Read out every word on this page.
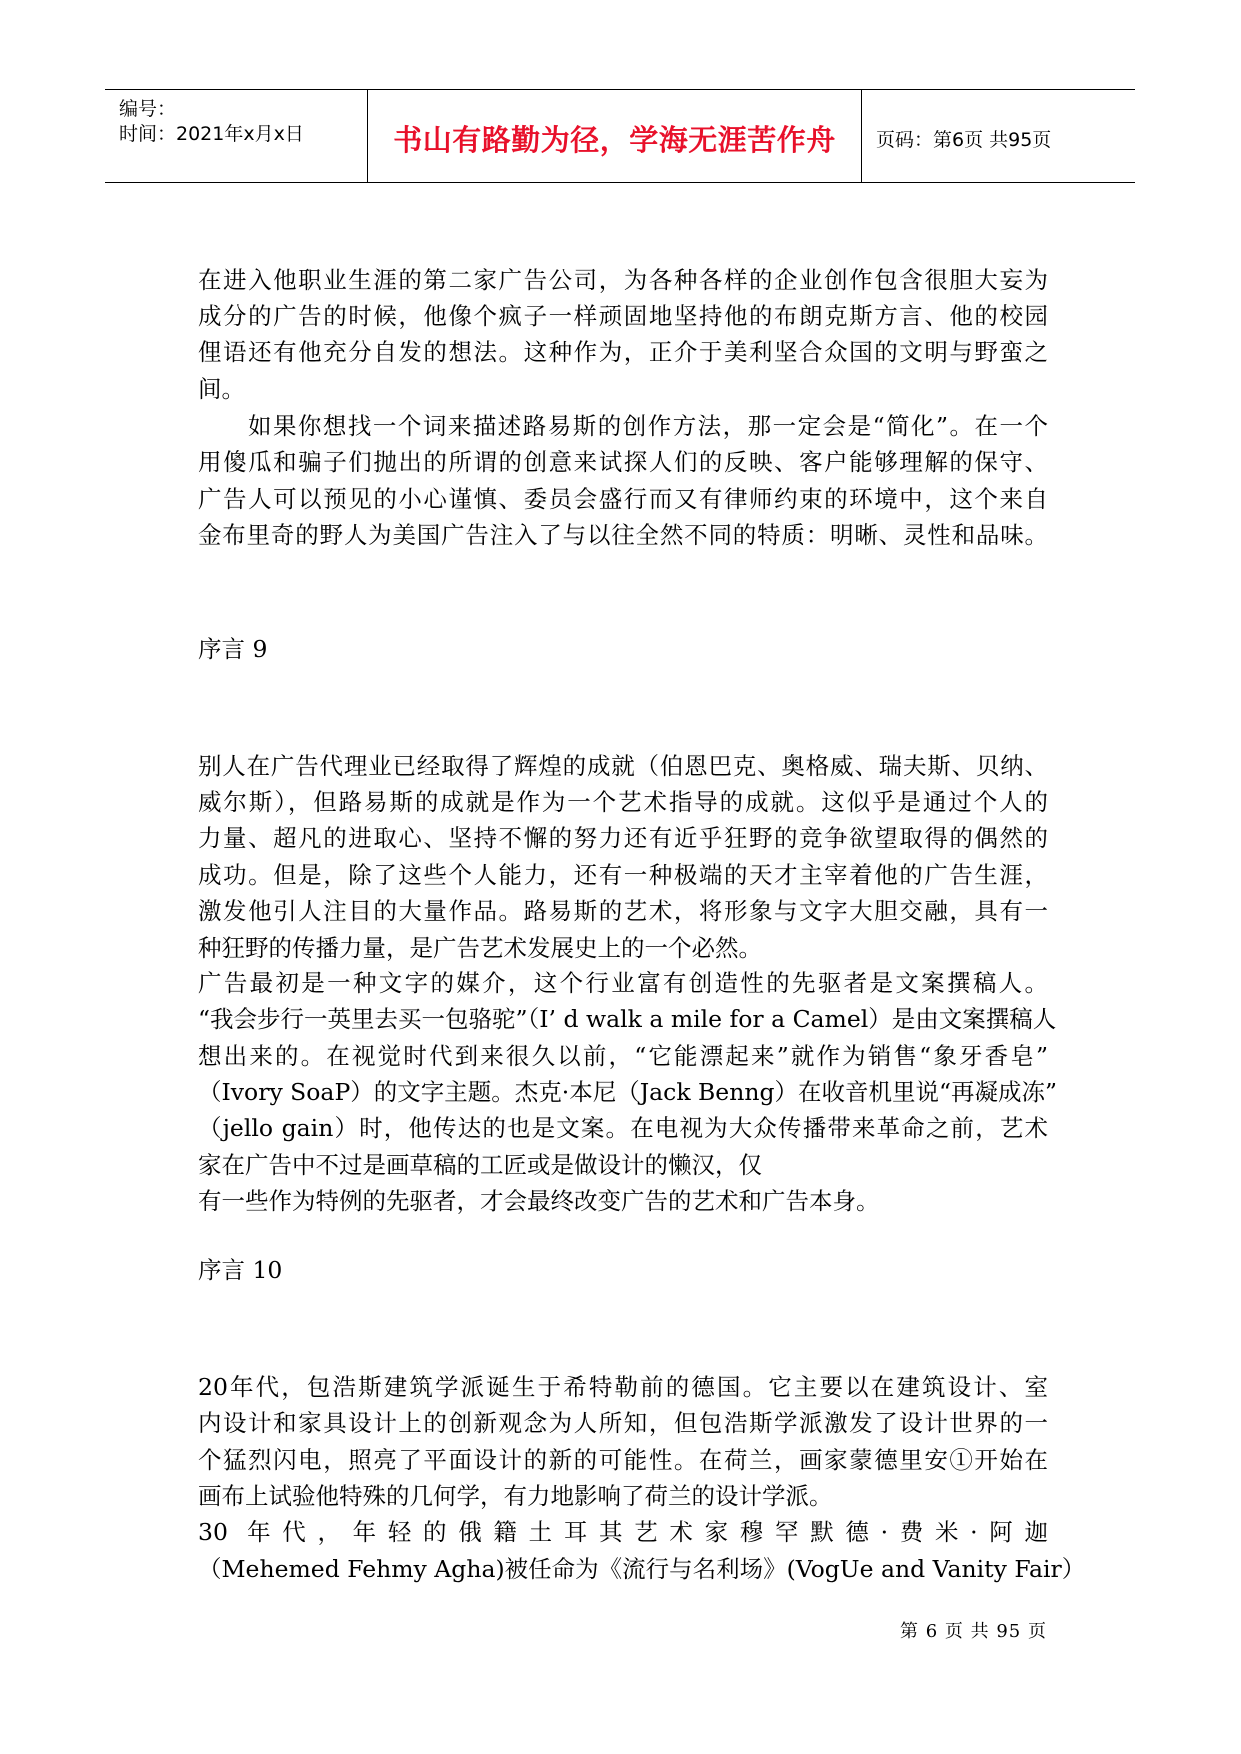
编号：
时间：2021年x月x日	书山有路勤为径，学海无涯苦作舟 页码：第6页 共95页
在进入他职业生涯的第二家广告公司，为各种各样的企业创作包含很胆大妄为
成分的广告的时候，他像个疯子一样顽固地坚持他的布朗克斯方言、他的校园
俚语还有他充分自发的想法。这种作为，正介于美利坚合众国的文明与野蛮之
间。
　　如果你想找一个词来描述路易斯的创作方法，那一定会是“简化”。在一个
用傻瓜和骗子们抛出的所谓的创意来试探人们的反映、客户能够理解的保守、
广告人可以预见的小心谨慎、委员会盛行而又有律师约束的环境中，这个来自
金布里奇的野人为美国广告注入了与以往全然不同的特质：明晰、灵性和品味。
序言 9
别人在广告代理业已经取得了辉煌的成就（伯恩巴克、奥格威、瑞夫斯、贝纳、
威尔斯），但路易斯的成就是作为一个艺术指导的成就。这似乎是通过个人的
力量、超凡的进取心、坚持不懈的努力还有近乎狂野的竞争欲望取得的偶然的
成功。但是，除了这些个人能力，还有一种极端的天才主宰着他的广告生涯，
激发他引人注目的大量作品。路易斯的艺术，将形象与文字大胆交融，具有一
种狂野的传播力量，是广告艺术发展史上的一个必然。
广告最初是一种文字的媒介，这个行业富有创造性的先驱者是文案撰稿人。
“我会步行一英里去买一包骆驼”（I’ d walk a mile for a Camel）是由文案撰稿人
想出来的。在视觉时代到来很久以前，“它能漂起来”就作为销售“象牙香皂”
（Ivory SoaP）的文字主题。杰克·本尼（Jack Benng）在收音机里说“再凝成冻”
（jello gain）时，他传达的也是文案。在电视为大众传播带来革命之前，艺术
家在广告中不过是画草稿的工匠或是做设计的懒汉，仅
有一些作为特例的先驱者，才会最终改变广告的艺术和广告本身。
序言 10
20年代，包浩斯建筑学派诞生于希特勒前的德国。它主要以在建筑设计、室
内设计和家具设计上的创新观念为人所知，但包浩斯学派激发了设计世界的一
个猛烈闪电，照亮了平面设计的新的可能性。在荷兰，画家蒙德里安①开始在
画布上试验他特殊的几何学，有力地影响了荷兰的设计学派。
30 年代，年轻的俄籍土耳其艺术家穆罕默德·费米·阿迦
（Mehemed Fehmy Agha)被任命为《流行与名利场》(VogUe and Vanity Fair）
第 6 页 共 95 页
